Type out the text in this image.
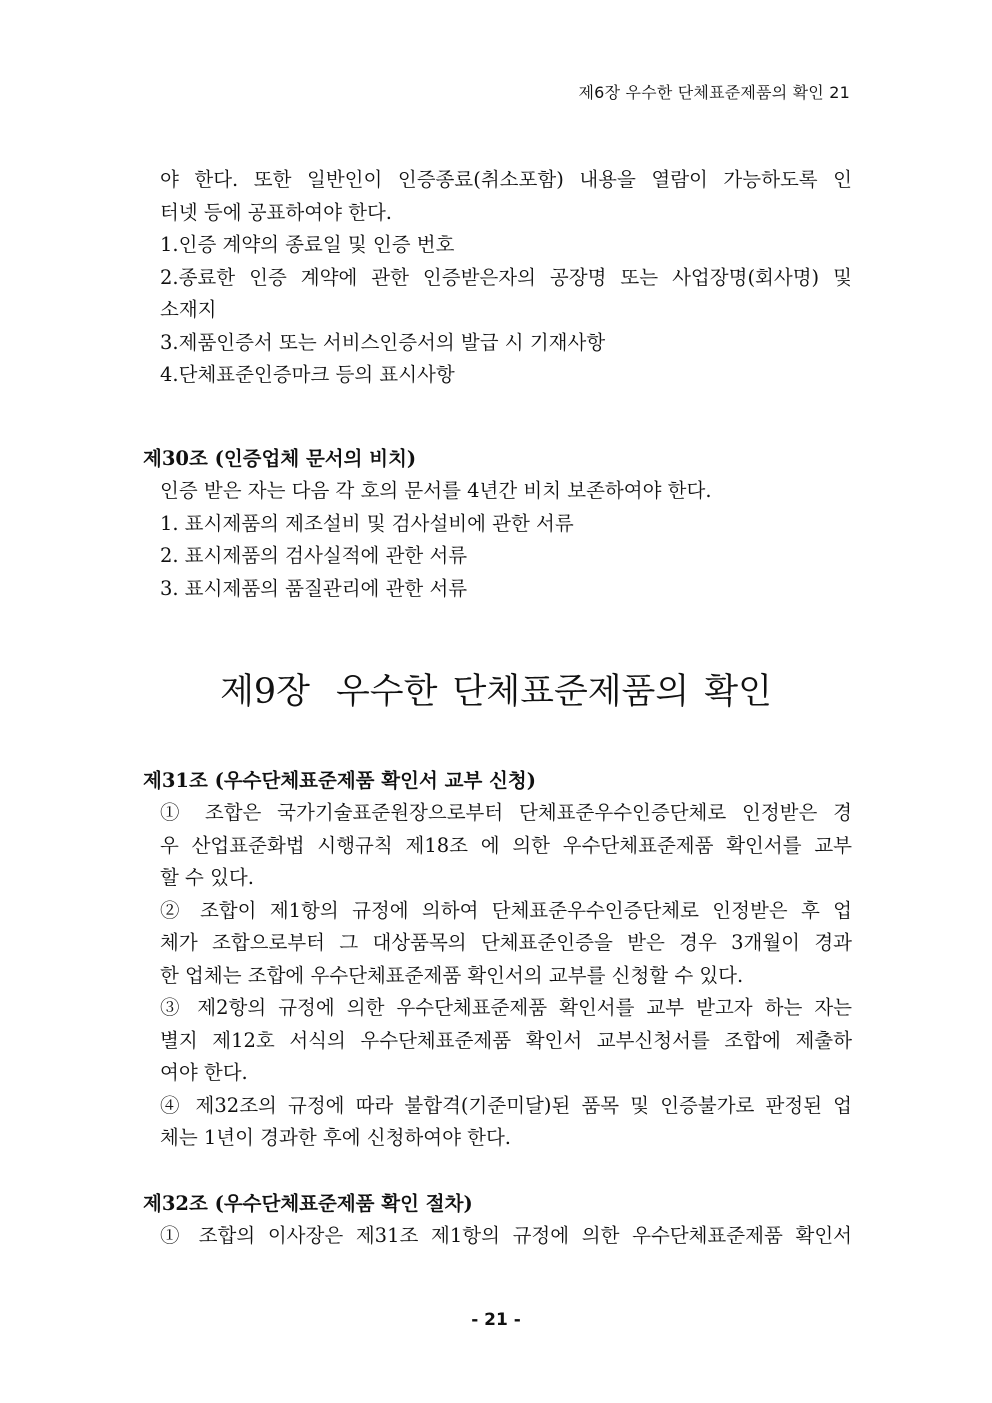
제6장 우수한 단체표준제품의 확인 21
야 한다. 또한 일반인이 인증종료(취소포함) 내용을 열람이 가능하도록 인
터넷 등에 공표하여야 한다.
1.인증 계약의 종료일 및 인증 번호
2.종료한 인증 계약에 관한 인증받은자의 공장명 또는 사업장명(회사명) 및
소재지
3.제품인증서 또는 서비스인증서의 발급 시 기재사항
4.단체표준인증마크 등의 표시사항
제30조 (인증업체 문서의 비치)
인증 받은 자는 다음 각 호의 문서를 4년간 비치 보존하여야 한다.
1. 표시제품의 제조설비 및 검사설비에 관한 서류
2. 표시제품의 검사실적에 관한 서류
3. 표시제품의 품질관리에 관한 서류
제9장 우수한 단체표준제품의 확인
제31조 (우수단체표준제품 확인서 교부 신청)
① 조합은 국가기술표준원장으로부터 단체표준우수인증단체로 인정받은 경
우 산업표준화법 시행규칙 제18조 에 의한 우수단체표준제품 확인서를 교부
할 수 있다.
② 조합이 제1항의 규정에 의하여 단체표준우수인증단체로 인정받은 후 업
체가 조합으로부터 그 대상품목의 단체표준인증을 받은 경우 3개월이 경과
한 업체는 조합에 우수단체표준제품 확인서의 교부를 신청할 수 있다.
③ 제2항의 규정에 의한 우수단체표준제품 확인서를 교부 받고자 하는 자는
별지 제12호 서식의 우수단체표준제품 확인서 교부신청서를 조합에 제출하
여야 한다.
④ 제32조의 규정에 따라 불합격(기준미달)된 품목 및 인증불가로 판정된 업
체는 1년이 경과한 후에 신청하여야 한다.
제32조 (우수단체표준제품 확인 절차)
① 조합의 이사장은 제31조 제1항의 규정에 의한 우수단체표준제품 확인서
- 21 -
